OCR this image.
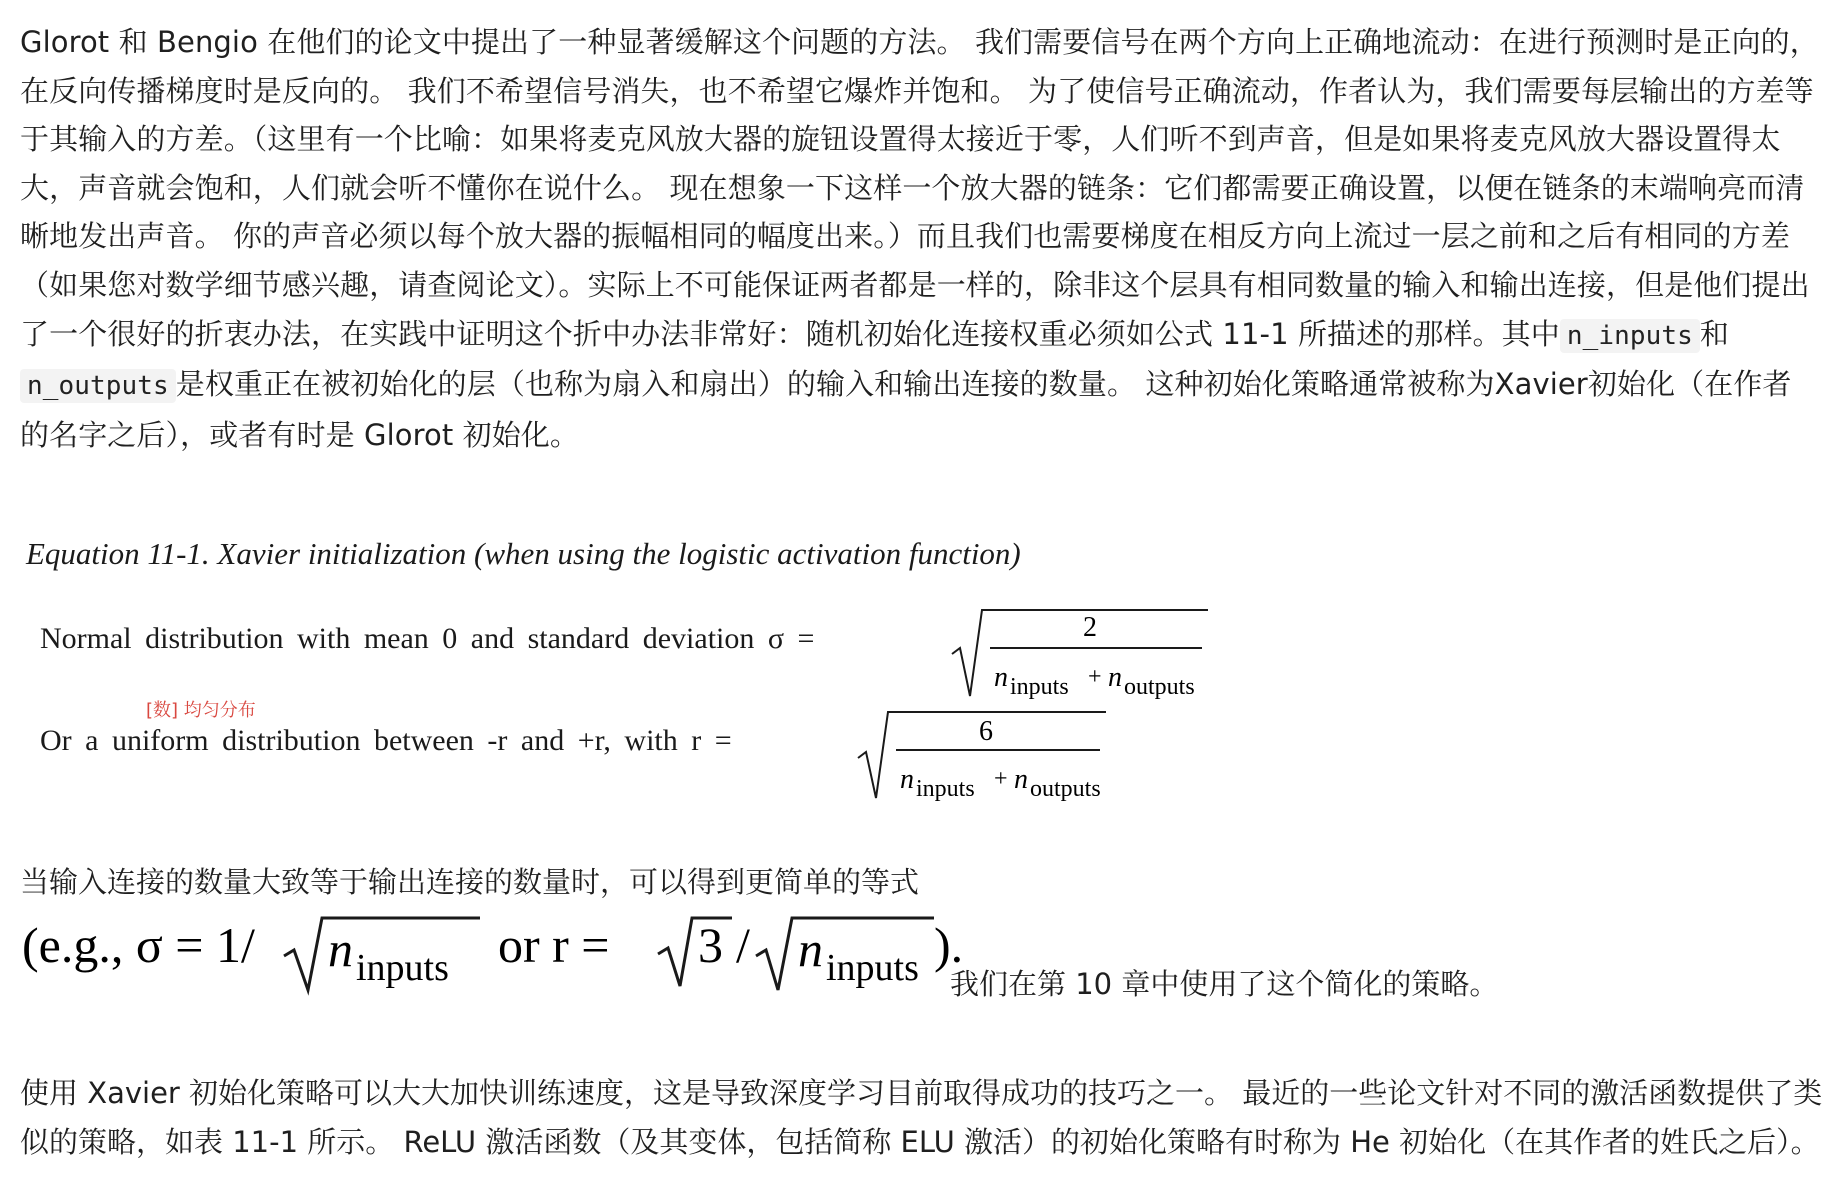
Glorot 和 Bengio 在他们的论文中提出了一种显著缓解这个问题的方法。 我们需要信号在两个方向上正确地流动：在进行预测时是正向的，在反向传播梯度时是反向的。 我们不希望信号消失，也不希望它爆炸并饱和。 为了使信号正确流动，作者认为，我们需要每层输出的方差等于其输入的方差。（这里有一个比喻：如果将麦克风放大器的旋钮设置得太接近于零，人们听不到声音，但是如果将麦克风放大器设置得太大，声音就会饱和，人们就会听不懂你在说什么。 现在想象一下这样一个放大器的链条：它们都需要正确设置，以便在链条的末端响亮而清晰地发出声音。 你的声音必须以每个放大器的振幅相同的幅度出来。）而且我们也需要梯度在相反方向上流过一层之前和之后有相同的方差（如果您对数学细节感兴趣，请查阅论文）。实际上不可能保证两者都是一样的，除非这个层具有相同数量的输入和输出连接，但是他们提出了一个很好的折衷办法，在实践中证明这个折中办法非常好：随机初始化连接权重必须如公式 11-1 所描述的那样。其中 n_inputs 和n_outputs 是权重正在被初始化的层（也称为扇入和扇出）的输入和输出连接的数量。 这种初始化策略通常被称为Xavier初始化（在作者的名字之后），或者有时是 Glorot 初始化。

Equation 11-1. Xavier initialization (when using the logistic activation function)
Normal distribution with mean 0 and standard deviation σ =	2
n inputs + n outputs
[数] 均匀分布
Or a uniform distribution between -r and +r, with r =	6
n inputs + n outputs
当输入连接的数量大致等于输出连接的数量时，可以得到更简单的等式
(e.g., σ = 1/ n inputs or r = 3 / n inputs ).
我们在第 10 章中使用了这个简化的策略。

使用 Xavier 初始化策略可以大大加快训练速度，这是导致深度学习目前取得成功的技巧之一。 最近的一些论文针对不同的激活函数提供了类似的策略，如表 11-1 所示。 ReLU 激活函数（及其变体，包括简称 ELU 激活）的初始化策略有时称为 He 初始化（在其作者的姓氏之后）。
